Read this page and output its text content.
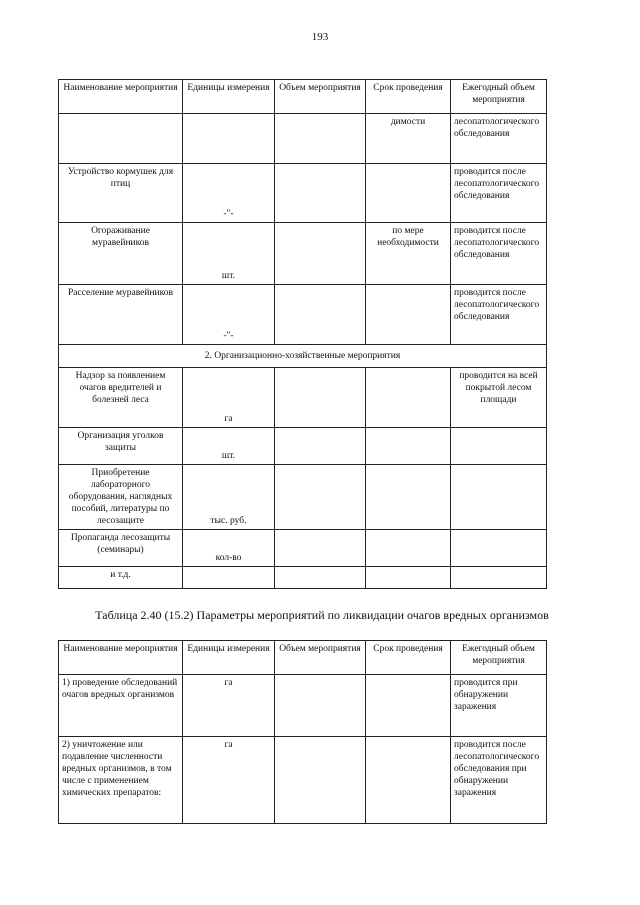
193
Наименование мероприятия	Единицы измерения	Объем мероприятия	Срок проведения	Ежегодный объем мероприятия
			димости	лесопатологического обследования
Устройство кормушек для птиц	-"-			проводится после лесопатологического обследования
Огораживание муравейников	шт.		по мере необходимости	проводится после лесопатологического обследования
Расселение муравейников	-"-			проводится после лесопатологического обследования
2. Организационно-хозяйственные мероприятия				
Надзор за появлением очагов вредителей и болезней леса	га			проводится на всей покрытой лесом площади
Организация уголков защиты	шт.			
Приобретение лабораторного оборудования, наглядных пособий, литературы по лесозащите	тыс. руб.			
Пропаганда лесозащиты (семинары)	кол-во			
и т.д.				
Таблица 2.40 (15.2) Параметры мероприятий по ликвидации очагов вредных организмов
Наименование мероприятия	Единицы измерения	Объем мероприятия	Срок проведения	Ежегодный объем мероприятия
1) проведение обследований очагов вредных организмов	га			проводится при обнаружении заражения
2) уничтожение или подавление численности вредных организмов, в том числе с применением химических препаратов:	га			проводится после лесопатологического обследования при обнаружении заражения
